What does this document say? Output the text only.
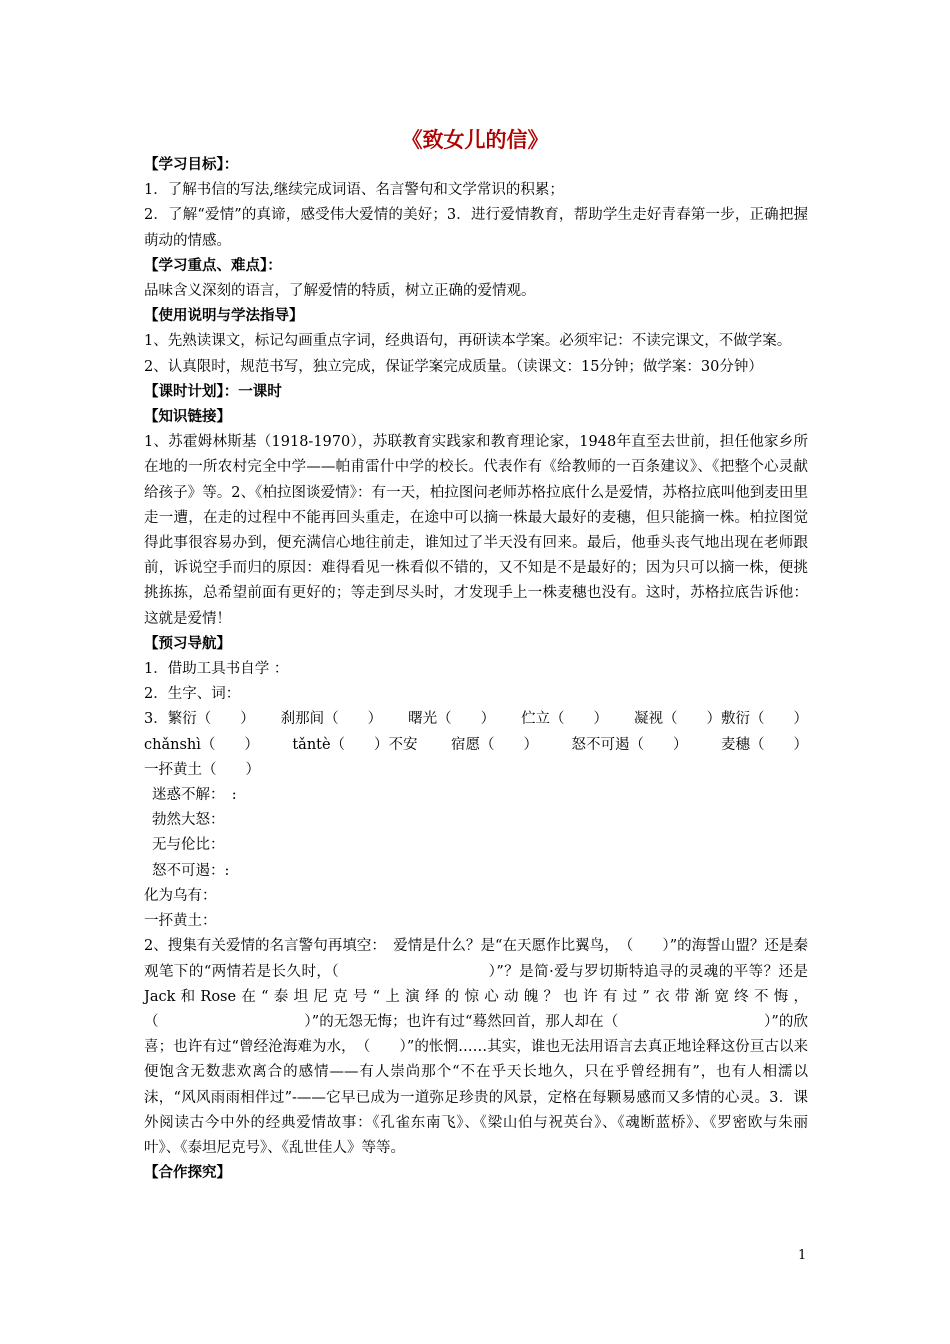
《致女儿的信》

【学习目标】：

1．了解书信的写法,继续完成词语、名言警句和文学常识的积累；

2．了解“爱情”的真谛，感受伟大爱情的美好；3．进行爱情教育，帮助学生走好青春第一步，正确把握萌动的情感。

【学习重点、难点】：

品味含义深刻的语言，了解爱情的特质，树立正确的爱情观。

【使用说明与学法指导】

1、先熟读课文，标记勾画重点字词，经典语句，再研读本学案。必须牢记：不读完课文，不做学案。

2、认真限时，规范书写，独立完成，保证学案完成质量。（读课文：15分钟；做学案：30分钟）

【课时计划】：一课时

【知识链接】

1、苏霍姆林斯基（1918-1970），苏联教育实践家和教育理论家，1948年直至去世前，担任他家乡所在地的一所农村完全中学——帕甫雷什中学的校长。代表作有《给教师的一百条建议》、《把整个心灵献给孩子》等。2、《柏拉图谈爱情》：有一天，柏拉图问老师苏格拉底什么是爱情，苏格拉底叫他到麦田里走一遭，在走的过程中不能再回头重走，在途中可以摘一株最大最好的麦穗，但只能摘一株。柏拉图觉得此事很容易办到，便充满信心地往前走，谁知过了半天没有回来。最后，他垂头丧气地出现在老师跟前，诉说空手而归的原因：难得看见一株看似不错的，又不知是不是最好的；因为只可以摘一株，便挑挑拣拣，总希望前面有更好的；等走到尽头时，才发现手上一株麦穗也没有。这时，苏格拉底告诉他：这就是爱情！

【预习导航】

1．借助工具书自学 ：

2．生字、词：

3．繁衍（　　） 刹那间（　　） 曙光（　　） 伫立（　　） 凝视（　　）敷衍（　　）
chǎnshì（　　） tǎntè（　　）不安 宿愿（　　） 怒不可遏（　　） 麦穗（　　）

一抔黄土（　　）

迷惑不解：　:

勃然大怒：

无与伦比：

怒不可遏：:

化为乌有：

一抔黄土：

2、搜集有关爱情的名言警句再填空：　爱情是什么？是“在天愿作比翼鸟，　（　　）”的海誓山盟？还是秦观笔下的“两情若是长久时，（　　　　　　　　　　）”？是简·爱与罗切斯特追寻的灵魂的平等？还是Jack和Rose在“泰坦尼克号“上演绎的惊心动魄？也许有过”衣带渐宽终不悔，（　　　　　　　　　　）”的无怨无悔；也许有过“蓦然回首，那人却在（　　　　　　　　　　）”的欣喜；也许有过“曾经沧海难为水，　（　　）”的怅惘……其实，谁也无法用语言去真正地诠释这份亘古以来便饱含无数悲欢离合的感情——有人崇尚那个“不在乎天长地久，只在乎曾经拥有”，也有人相濡以沫，“风风雨雨相伴过”-——它早已成为一道弥足珍贵的风景，定格在每颗易感而又多情的心灵。3．课外阅读古今中外的经典爱情故事：《孔雀东南飞》、《梁山伯与祝英台》、《魂断蓝桥》、《罗密欧与朱丽叶》、《泰坦尼克号》、《乱世佳人》等等。

【合作探究】

1
